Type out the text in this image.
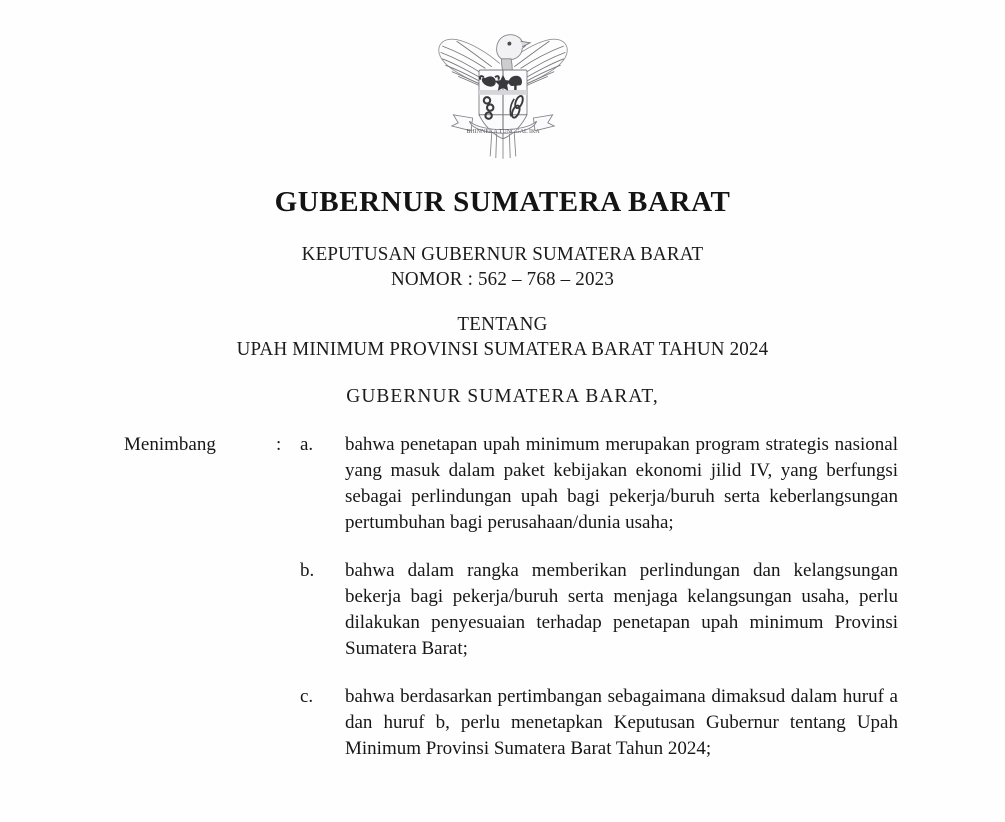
BHINNEKA TUNGGAL IKA
GUBERNUR SUMATERA BARAT
KEPUTUSAN GUBERNUR SUMATERA BARAT
NOMOR : 562 – 768 – 2023
TENTANG
UPAH MINIMUM PROVINSI SUMATERA BARAT TAHUN 2024
GUBERNUR SUMATERA BARAT,
Menimbang	: a.	bahwa penetapan upah minimum merupakan program strategis nasional yang masuk dalam paket kebijakan ekonomi jilid IV, yang berfungsi sebagai perlindungan upah bagi pekerja/buruh serta keberlangsungan pertumbuhan bagi perusahaan/dunia usaha;
b.	bahwa dalam rangka memberikan perlindungan dan kelangsungan bekerja bagi pekerja/buruh serta menjaga kelangsungan usaha, perlu dilakukan penyesuaian terhadap penetapan upah minimum Provinsi Sumatera Barat;
c.	bahwa berdasarkan pertimbangan sebagaimana dimaksud dalam huruf a dan huruf b, perlu menetapkan Keputusan Gubernur tentang Upah Minimum Provinsi Sumatera Barat Tahun 2024;
